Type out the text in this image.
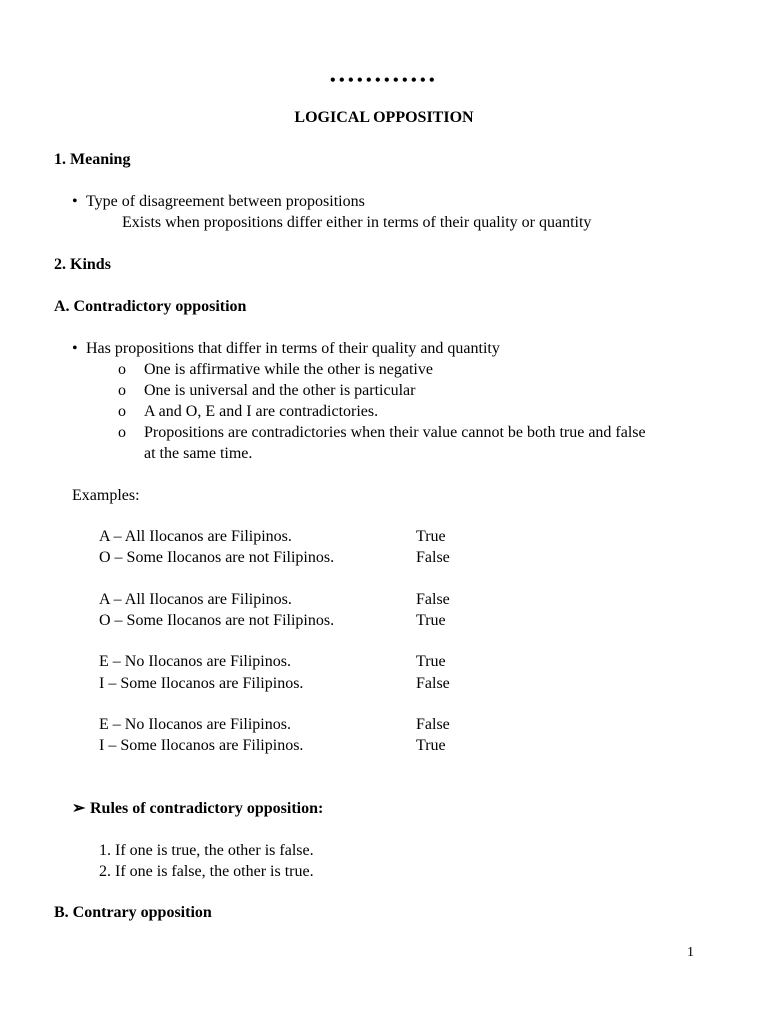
••••••••••••
LOGICAL OPPOSITION
1. Meaning
• Type of disagreement between propositions
Exists when propositions differ either in terms of their quality or quantity
2. Kinds
A. Contradictory opposition
• Has propositions that differ in terms of their quality and quantity
o One is affirmative while the other is negative
o One is universal and the other is particular
o A and O, E and I are contradictories.
o Propositions are contradictories when their value cannot be both true and false
at the same time.
Examples:
A – All Ilocanos are Filipinos.	True
O – Some Ilocanos are not Filipinos.	False
A – All Ilocanos are Filipinos.	False
O – Some Ilocanos are not Filipinos.	True
E – No Ilocanos are Filipinos.	True
I – Some Ilocanos are Filipinos.	False
E – No Ilocanos are Filipinos.	False
I – Some Ilocanos are Filipinos.	True
➢ Rules of contradictory opposition:
1. If one is true, the other is false.
2. If one is false, the other is true.
B. Contrary opposition
1
